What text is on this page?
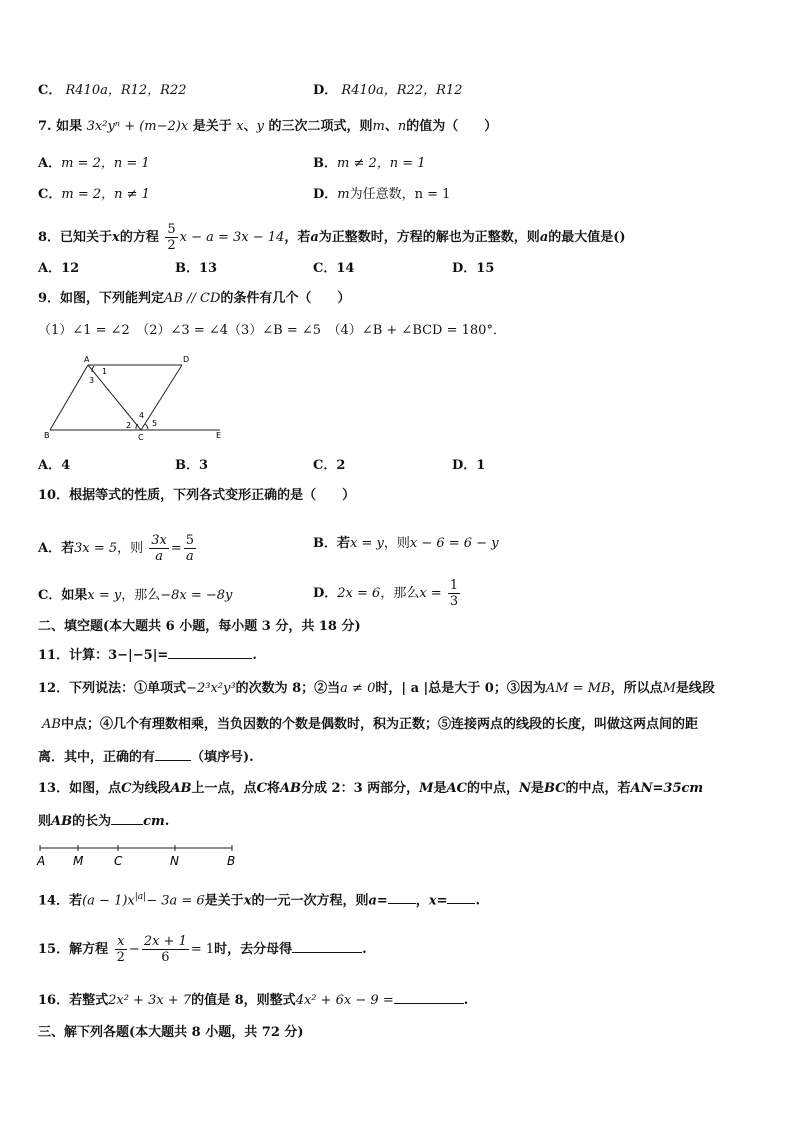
C． R410a，R12，R22	D． R410a，R22，R12
7. 如果 3x²yⁿ + (m−2)x 是关于 x、y 的三次二项式，则m、n的值为（　　）
A．m = 2，n = 1	B．m ≠ 2，n = 1
C．m = 2，n ≠ 1	D．m为任意数，n = 1
8．已知关于x的方程 $\frac{5}{2}$ x − a = 3x − 14，若a为正整数时，方程的解也为正整数，则a的最大值是()
A．12	B．13	C．14	D．15
9．如图，下列能判定AB // CD的条件有几个（　　）
（1）∠1 = ∠2　（2）∠3 = ∠4（3）∠B = ∠5　（4）∠B + ∠BCD = 180°．
A	D
B	C	E
1
2
3
4
5
A．4	B．3	C．2	D．1
10．根据等式的性质，下列各式变形正确的是（　　）
A．若3x = 5，则 $\frac{3x}{a} = \frac{5}{a}$	B．若x = y，则x − 6 = 6 − y
C．如果x = y，那么−8x = −8y	D．2x = 6，那么$x = \frac{1}{3}$
二、填空题(本大题共 6 小题，每小题 3 分，共 18 分)
11．计算：3−|−5|=	.
12．下列说法：①单项式−2³x²y³的次数为 8；②当a ≠ 0时，| a |总是大于 0；③因为AM = MB，所以点M是线段
AB中点；④几个有理数相乘，当负因数的个数是偶数时，积为正数；⑤连接两点的线段的长度，叫做这两点间的距
离．其中，正确的有	（填序号).
13．如图，点C为线段AB上一点，点C将AB分成 2：3 两部分，M是AC的中点，N是BC的中点，若AN=35cm
则AB的长为 cm.
A M	C	N	B
14．若$(a - 1)x^{|a|}- 3a = 6$是关于x的一元一次方程，则a= ，x= .
15．解方程 $\frac{x}{2} - \frac{2x + 1}{6} = 1$时，去分母得	.
16．若整式2x² + 3x + 7的值是 8，则整式4x² + 6x − 9 =	.
三、解下列各题(本大题共 8 小题，共 72 分)
